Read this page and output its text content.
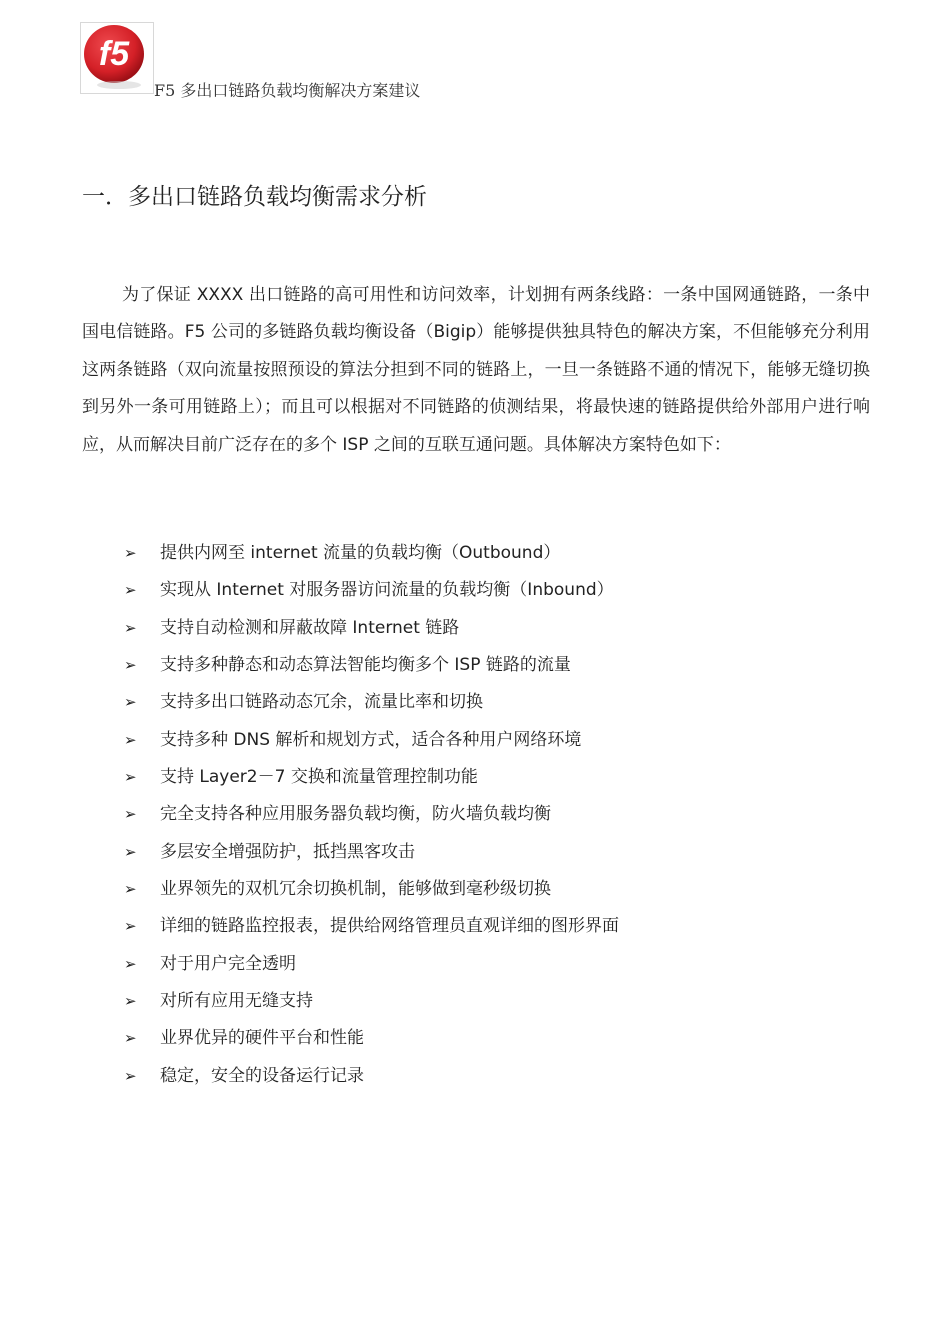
f5
F5 多出口链路负载均衡解决方案建议
一．多出口链路负载均衡需求分析

为了保证 XXXX 出口链路的高可用性和访问效率，计划拥有两条线路：一条中国网通链路，一条中国电信链路。F5 公司的多链路负载均衡设备（Bigip）能够提供独具特色的解决方案，不但能够充分利用这两条链路（双向流量按照预设的算法分担到不同的链路上，一旦一条链路不通的情况下，能够无缝切换到另外一条可用链路上）；而且可以根据对不同链路的侦测结果，将最快速的链路提供给外部用户进行响应，从而解决目前广泛存在的多个 ISP 之间的互联互通问题。具体解决方案特色如下：

➢	提供内网至 internet 流量的负载均衡（Outbound）
➢	实现从 Internet 对服务器访问流量的负载均衡（Inbound）
➢	支持自动检测和屏蔽故障 Internet 链路
➢	支持多种静态和动态算法智能均衡多个 ISP 链路的流量
➢	支持多出口链路动态冗余，流量比率和切换
➢	支持多种 DNS 解析和规划方式，适合各种用户网络环境
➢	支持 Layer2－7 交换和流量管理控制功能
➢	完全支持各种应用服务器负载均衡，防火墙负载均衡
➢	多层安全增强防护，抵挡黑客攻击
➢	业界领先的双机冗余切换机制，能够做到毫秒级切换
➢	详细的链路监控报表，提供给网络管理员直观详细的图形界面
➢	对于用户完全透明
➢	对所有应用无缝支持
➢	业界优异的硬件平台和性能
➢	稳定，安全的设备运行记录
